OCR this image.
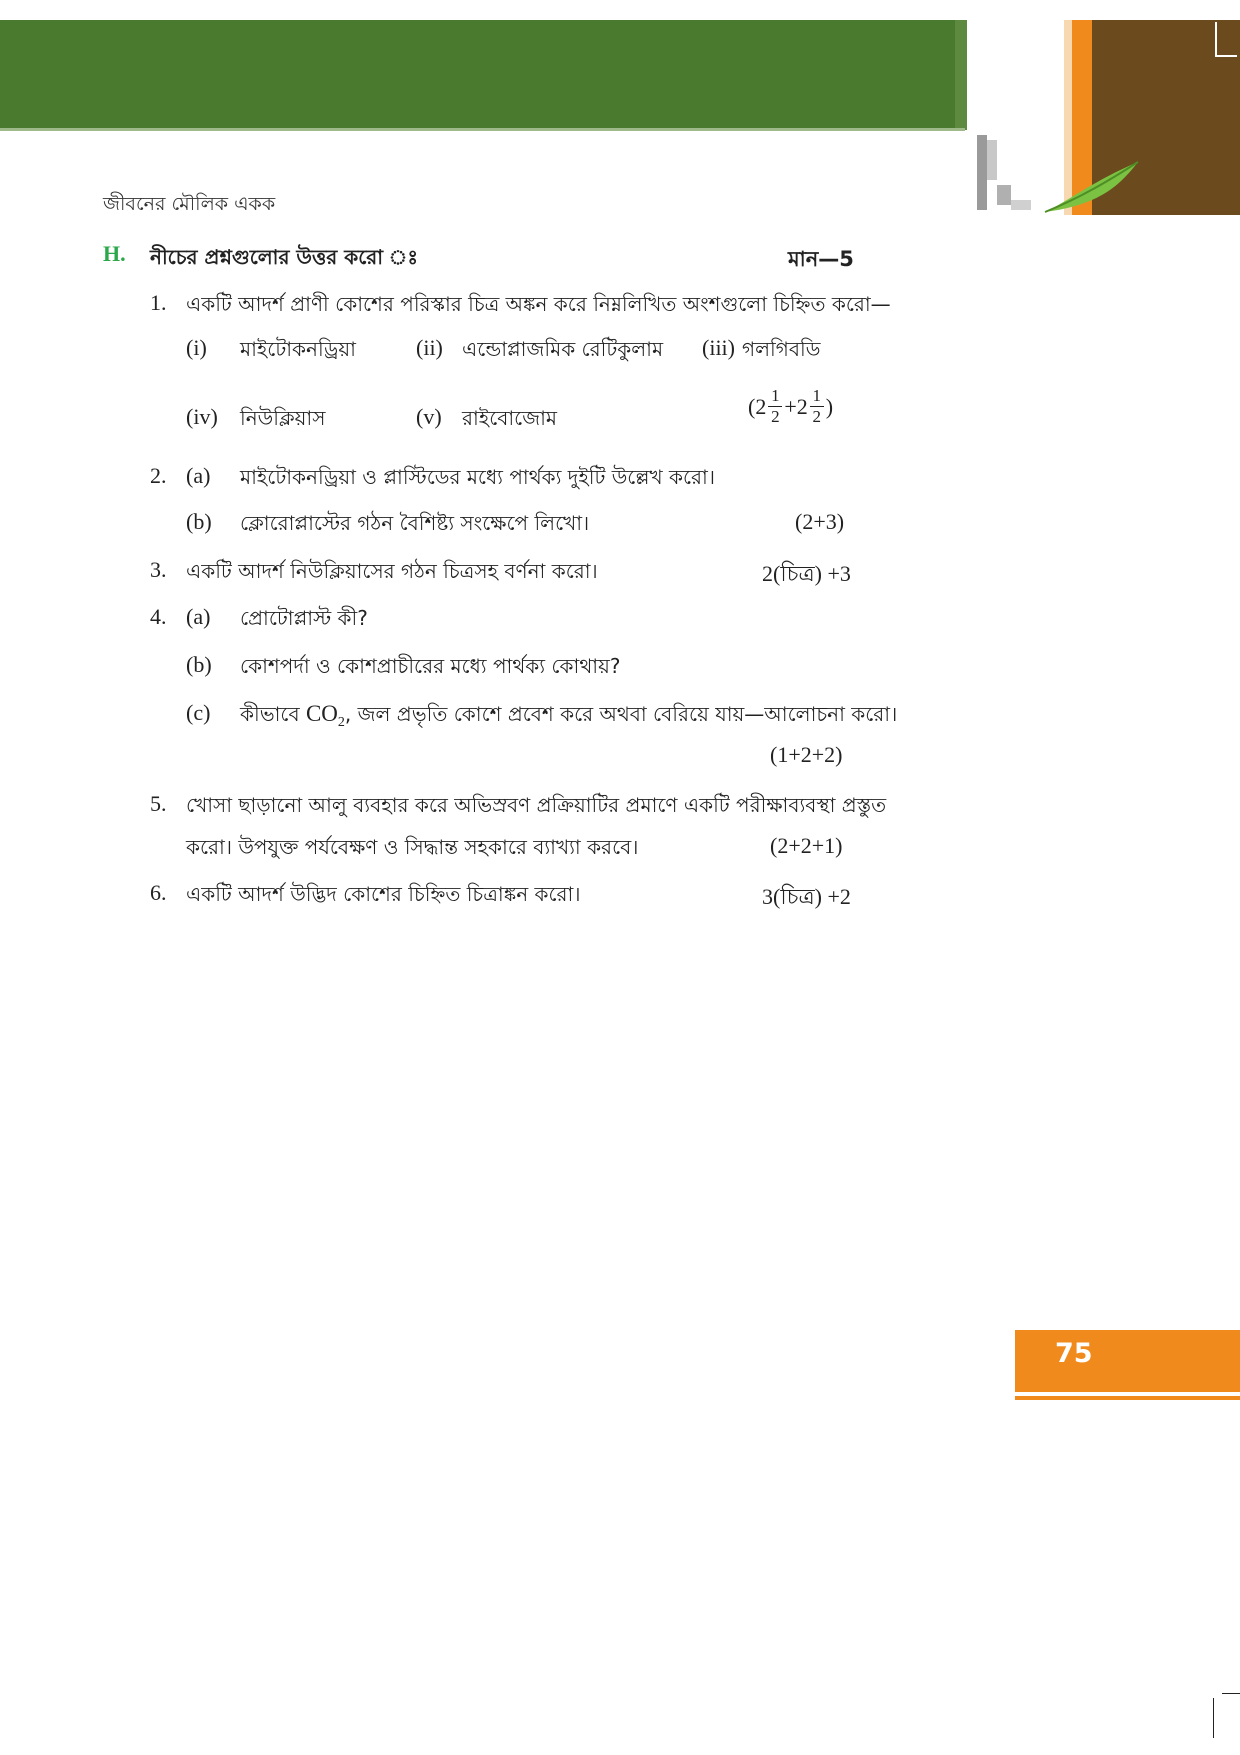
জীবনের মৌলিক একক
H. নীচের প্রশ্নগুলোর উত্তর করো ঃ	মান—5
1. একটি আদর্শ প্রাণী কোশের পরিস্কার চিত্র অঙ্কন করে নিম্নলিখিত অংশগুলো চিহ্নিত করো—
(i) মাইটোকনড্রিয়া	(ii) এন্ডোপ্লাজমিক রেটিকুলাম (iii) গলগিবডি
(iv) নিউক্লিয়াস	(v) রাইবোজোম	( $2 \frac{1}{2} + 2 \frac{1}{2}$ )
2. (a) মাইটোকনড্রিয়া ও প্লাস্টিডের মধ্যে পার্থক্য দুইটি উল্লেখ করো।
(b) ক্লোরোপ্লাস্টের গঠন বৈশিষ্ট্য সংক্ষেপে লিখো।	(2+3)
3. একটি আদর্শ নিউক্লিয়াসের গঠন চিত্রসহ বর্ণনা করো।	2(চিত্র) +3
4. (a) প্রোটোপ্লাস্ট কী?
(b) কোশপর্দা ও কোশপ্রাচীরের মধ্যে পার্থক্য কোথায়?
(c) কীভাবে $CO_2$, জল প্রভৃতি কোশে প্রবেশ করে অথবা বেরিয়ে যায়—আলোচনা করো।
(1+2+2)
5. খোসা ছাড়ানো আলু ব্যবহার করে অভিস্রবণ প্রক্রিয়াটির প্রমাণে একটি পরীক্ষাব্যবস্থা প্রস্তুত
করো। উপযুক্ত পর্যবেক্ষণ ও সিদ্ধান্ত সহকারে ব্যাখ্যা করবে।	(2+2+1)
6. একটি আদর্শ উদ্ভিদ কোশের চিহ্নিত চিত্রাঙ্কন করো।	3(চিত্র) +2
75
